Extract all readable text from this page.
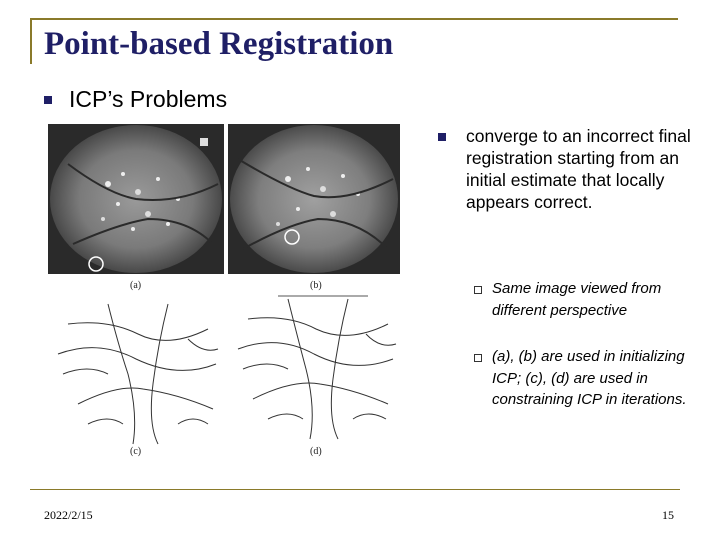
Point-based Registration
ICP’s Problems
(a)	(b)
(c)	(d)
converge to an incorrect final registration starting from an initial estimate that locally appears correct.
Same image viewed from different perspective
(a), (b) are used in initializing ICP; (c), (d) are used in constraining ICP in iterations.
2022/2/15	15
